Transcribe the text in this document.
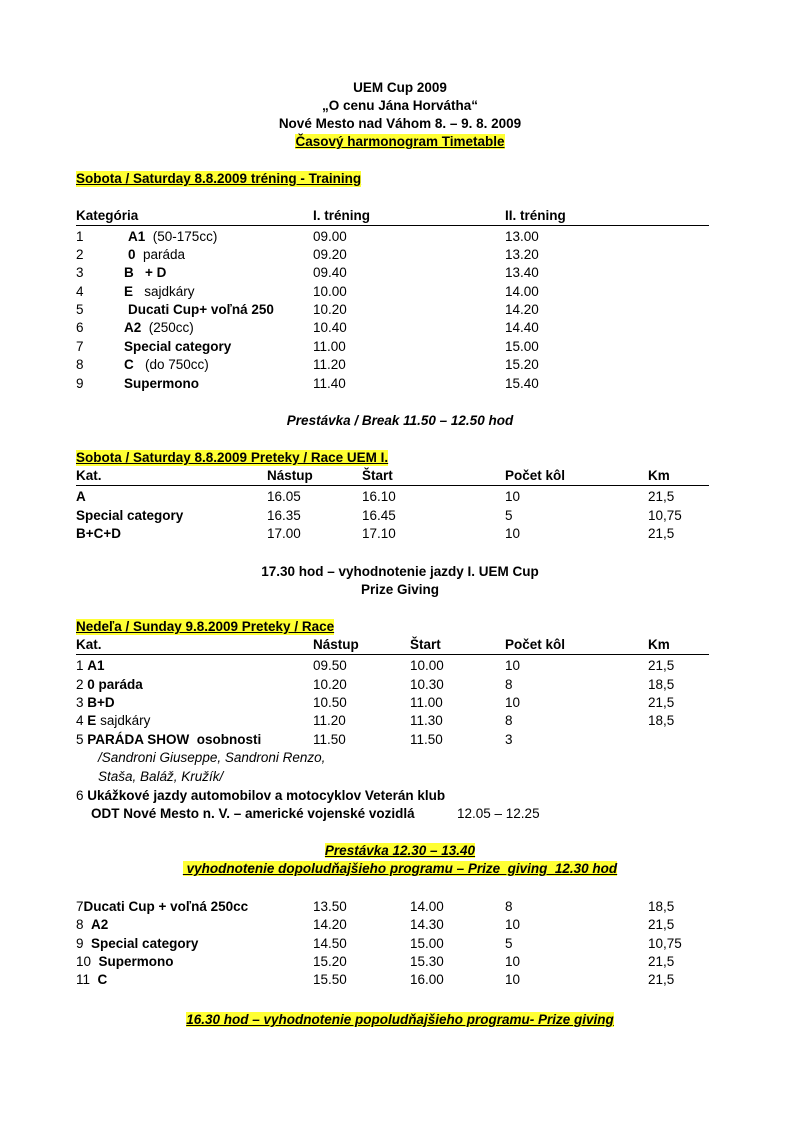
UEM Cup 2009
„O cenu Jána Horvátha“
Nové Mesto nad Váhom 8. – 9. 8. 2009
Časový harmonogram Timetable
Sobota / Saturday 8.8.2009 tréning - Training
Kategória	I. tréning	II. tréning
1	A1 (50-175cc)	09.00	13.00
2	0 paráda	09.20	13.20
3	B   + D	09.40	13.40
4	E sajdkáry	10.00	14.00
5	Ducati Cup+ voľná 250	10.20	14.20
6	A2 (250cc)	10.40	14.40
7	Special category	11.00	15.00
8	C (do 750cc)	11.20	15.20
9	Supermono	11.40	15.40
Prestávka / Break 11.50 – 12.50 hod
Sobota / Saturday 8.8.2009 Preteky / Race UEM I.
Kat.	Nástup	Štart	Počet kôl	Km
A	16.05	16.10	10	21,5
Special category	16.35	16.45	5	10,75
B+C+D	17.00	17.10	10	21,5
17.30 hod – vyhodnotenie jazdy I. UEM Cup
Prize Giving
Nedeľa / Sunday 9.8.2009 Preteky / Race
Kat.	Nástup	Štart	Počet kôl	Km
1 A1	09.50	10.00	10	21,5
2 0 paráda	10.20	10.30	8	18,5
3 B+D	10.50	11.00	10	21,5
4 E sajdkáry	11.20	11.30	8	18,5
5 PARÁDA SHOW  osobnosti	11.50	11.50	3
/Sandroni Giuseppe, Sandroni Renzo,
Staša, Baláž, Kružík/
6 Ukážkové jazdy automobilov a motocyklov Veterán klub
ODT Nové Mesto n. V. – americké vojenské vozidlá	12.05 – 12.25
Prestávka 12.30 – 13.40
vyhodnotenie dopoludňajšieho programu – Prize  giving  12.30 hod
7Ducati Cup + voľná 250cc	13.50	14.00	8	18,5
8 A2	14.20	14.30	10	21,5
9 Special category	14.50	15.00	5	10,75
10 Supermono	15.20	15.30	10	21,5
11 C	15.50	16.00	10	21,5
16.30 hod – vyhodnotenie popoludňajšieho programu- Prize giving
